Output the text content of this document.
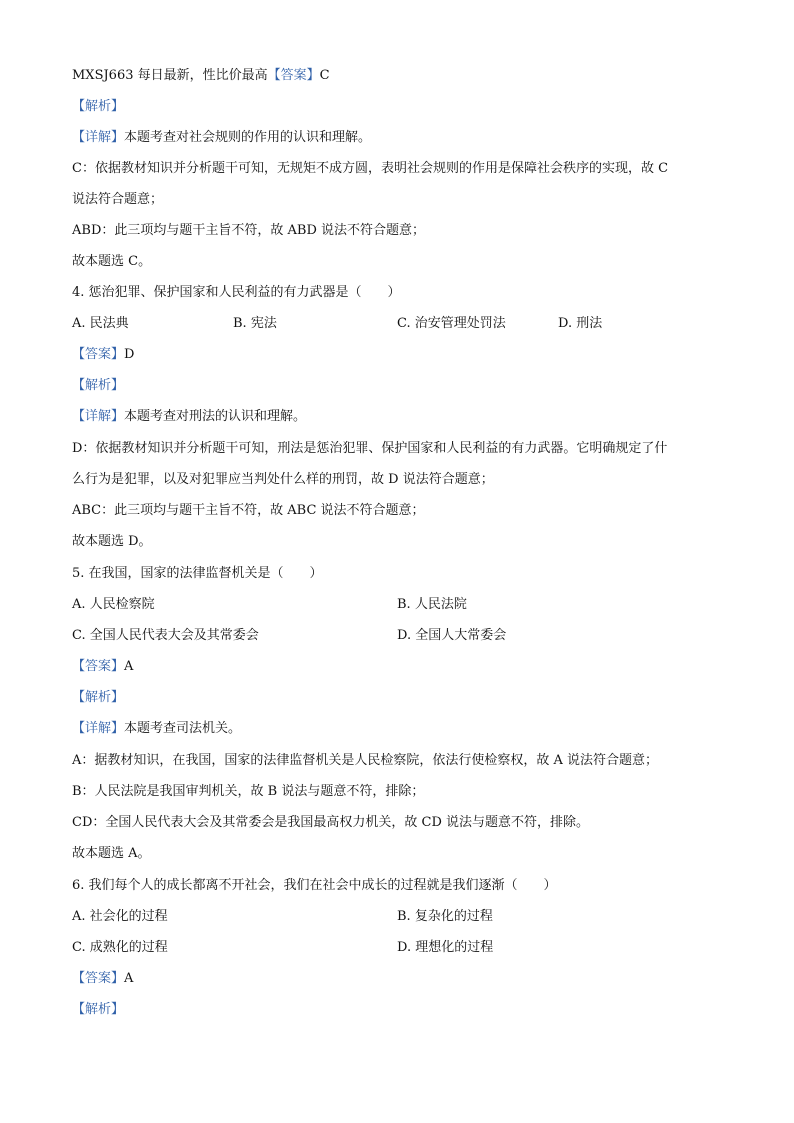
MXSJ663 每日最新，性比价最高【答案】C
【解析】
【详解】本题考查对社会规则的作用的认识和理解。
C：依据教材知识并分析题干可知，无规矩不成方圆，表明社会规则的作用是保障社会秩序的实现，故 C
说法符合题意；
ABD：此三项均与题干主旨不符，故 ABD 说法不符合题意；
故本题选 C。
4. 惩治犯罪、保护国家和人民利益的有力武器是（　　）
A. 民法典	B. 宪法	C. 治安管理处罚法	D. 刑法
【答案】D
【解析】
【详解】本题考查对刑法的认识和理解。
D：依据教材知识并分析题干可知，刑法是惩治犯罪、保护国家和人民利益的有力武器。它明确规定了什
么行为是犯罪，以及对犯罪应当判处什么样的刑罚，故 D 说法符合题意；
ABC：此三项均与题干主旨不符，故 ABC 说法不符合题意；
故本题选 D。
5. 在我国，国家的法律监督机关是（　　）
A. 人民检察院	B. 人民法院
C. 全国人民代表大会及其常委会	D. 全国人大常委会
【答案】A
【解析】
【详解】本题考查司法机关。
A：据教材知识，在我国，国家的法律监督机关是人民检察院，依法行使检察权，故 A 说法符合题意；
B：人民法院是我国审判机关，故 B 说法与题意不符，排除；
CD：全国人民代表大会及其常委会是我国最高权力机关，故 CD 说法与题意不符，排除。
故本题选 A。
6. 我们每个人的成长都离不开社会，我们在社会中成长的过程就是我们逐渐（　　）
A. 社会化的过程	B. 复杂化的过程
C. 成熟化的过程	D. 理想化的过程
【答案】A
【解析】
